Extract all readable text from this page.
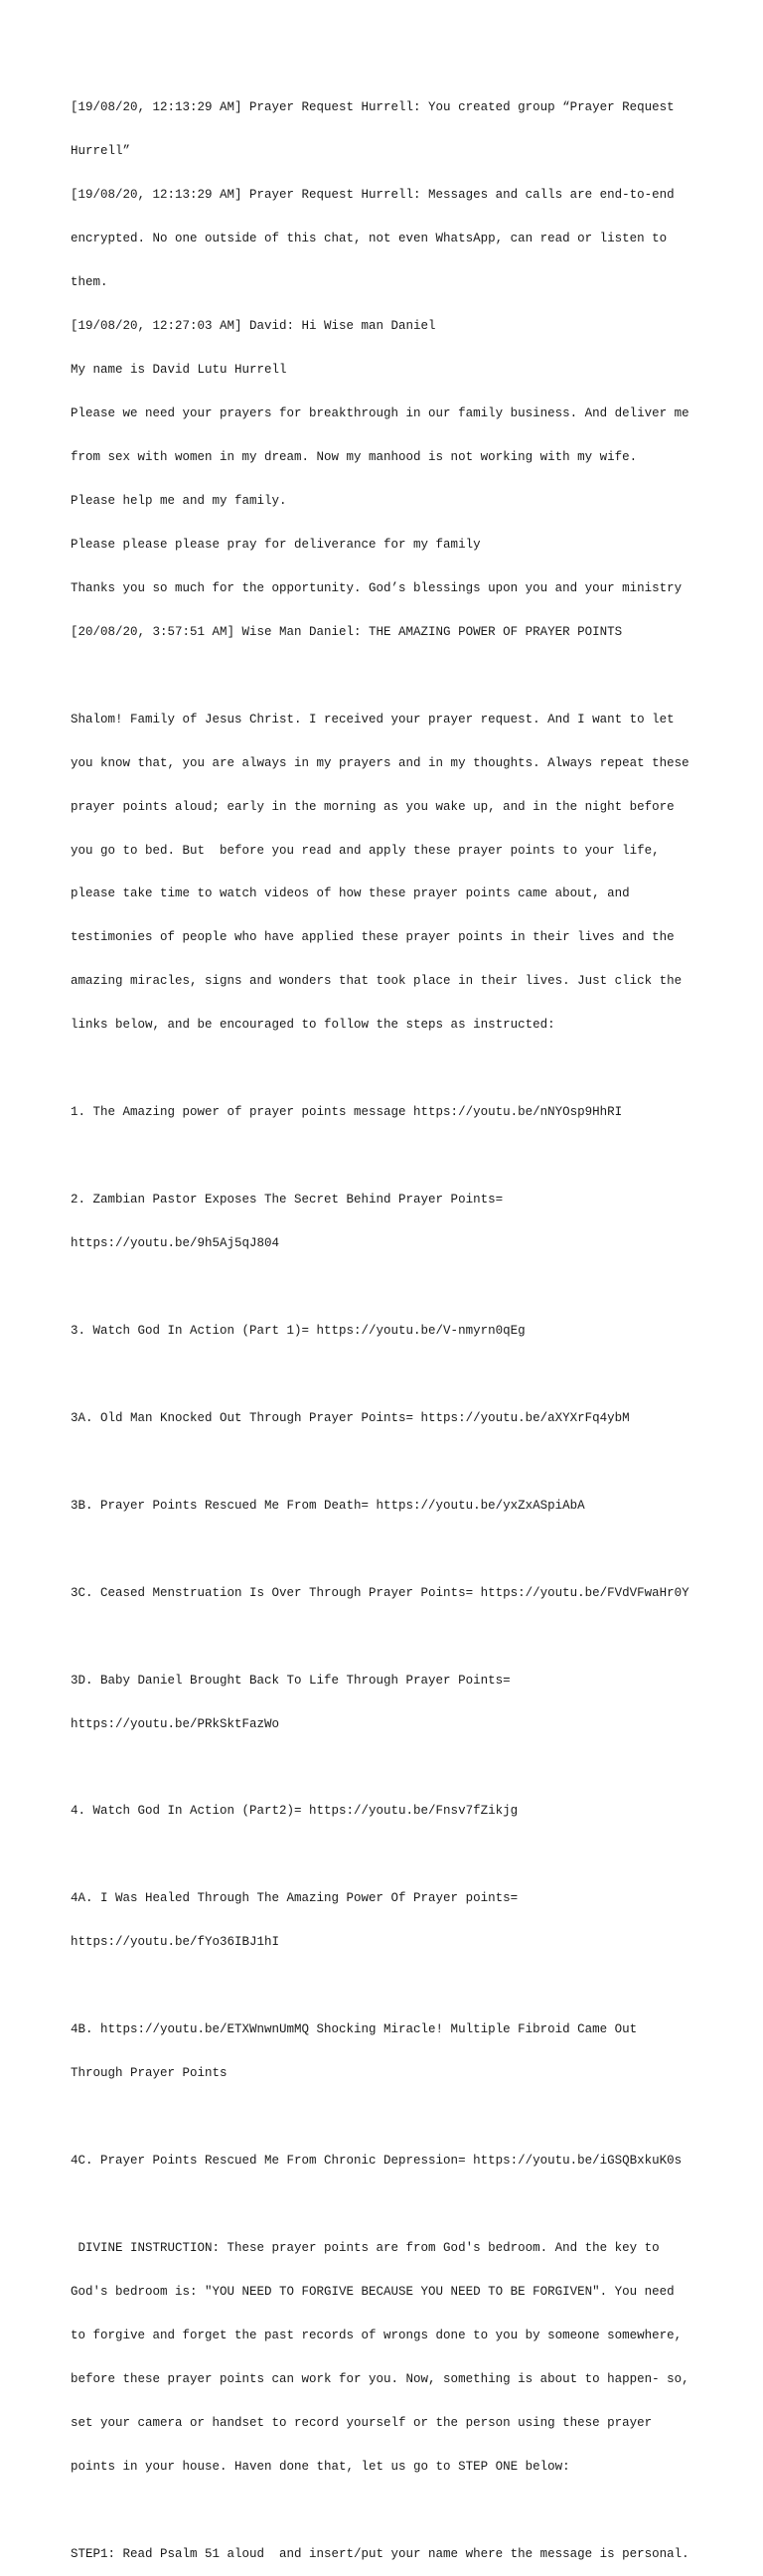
[19/08/20, 12:13:29 AM] Prayer Request Hurrell: You created group “Prayer Request

Hurrell”

[19/08/20, 12:13:29 AM] Prayer Request Hurrell: Messages and calls are end-to-end

encrypted. No one outside of this chat, not even WhatsApp, can read or listen to

them.

[19/08/20, 12:27:03 AM] David: Hi Wise man Daniel

My name is David Lutu Hurrell

Please we need your prayers for breakthrough in our family business. And deliver me

from sex with women in my dream. Now my manhood is not working with my wife.

Please help me and my family.

Please please please pray for deliverance for my family

Thanks you so much for the opportunity. God’s blessings upon you and your ministry

[20/08/20, 3:57:51 AM] Wise Man Daniel: THE AMAZING POWER OF PRAYER POINTS

Shalom! Family of Jesus Christ. I received your prayer request. And I want to let

you know that, you are always in my prayers and in my thoughts. Always repeat these

prayer points aloud; early in the morning as you wake up, and in the night before

you go to bed. But  before you read and apply these prayer points to your life,

please take time to watch videos of how these prayer points came about, and

testimonies of people who have applied these prayer points in their lives and the

amazing miracles, signs and wonders that took place in their lives. Just click the

links below, and be encouraged to follow the steps as instructed:

1. The Amazing power of prayer points message https://youtu.be/nNYOsp9HhRI

2. Zambian Pastor Exposes The Secret Behind Prayer Points=

https://youtu.be/9h5Aj5qJ804

3. Watch God In Action (Part 1)= https://youtu.be/V-nmyrn0qEg

3A. Old Man Knocked Out Through Prayer Points= https://youtu.be/aXYXrFq4ybM

3B. Prayer Points Rescued Me From Death= https://youtu.be/yxZxASpiAbA

3C. Ceased Menstruation Is Over Through Prayer Points= https://youtu.be/FVdVFwaHr0Y

3D. Baby Daniel Brought Back To Life Through Prayer Points=

https://youtu.be/PRkSktFazWo

4. Watch God In Action (Part2)= https://youtu.be/Fnsv7fZikjg

4A. I Was Healed Through The Amazing Power Of Prayer points=

https://youtu.be/fYo36IBJ1hI

4B. https://youtu.be/ETXWnwnUmMQ Shocking Miracle! Multiple Fibroid Came Out

Through Prayer Points

4C. Prayer Points Rescued Me From Chronic Depression= https://youtu.be/iGSQBxkuK0s

DIVINE INSTRUCTION: These prayer points are from God's bedroom. And the key to

God's bedroom is: "YOU NEED TO FORGIVE BECAUSE YOU NEED TO BE FORGIVEN". You need

to forgive and forget the past records of wrongs done to you by someone somewhere,

before these prayer points can work for you. Now, something is about to happen- so,

set your camera or handset to record yourself or the person using these prayer

points in your house. Haven done that, let us go to STEP ONE below:

STEP1: Read Psalm 51 aloud  and insert/put your name where the message is personal.
